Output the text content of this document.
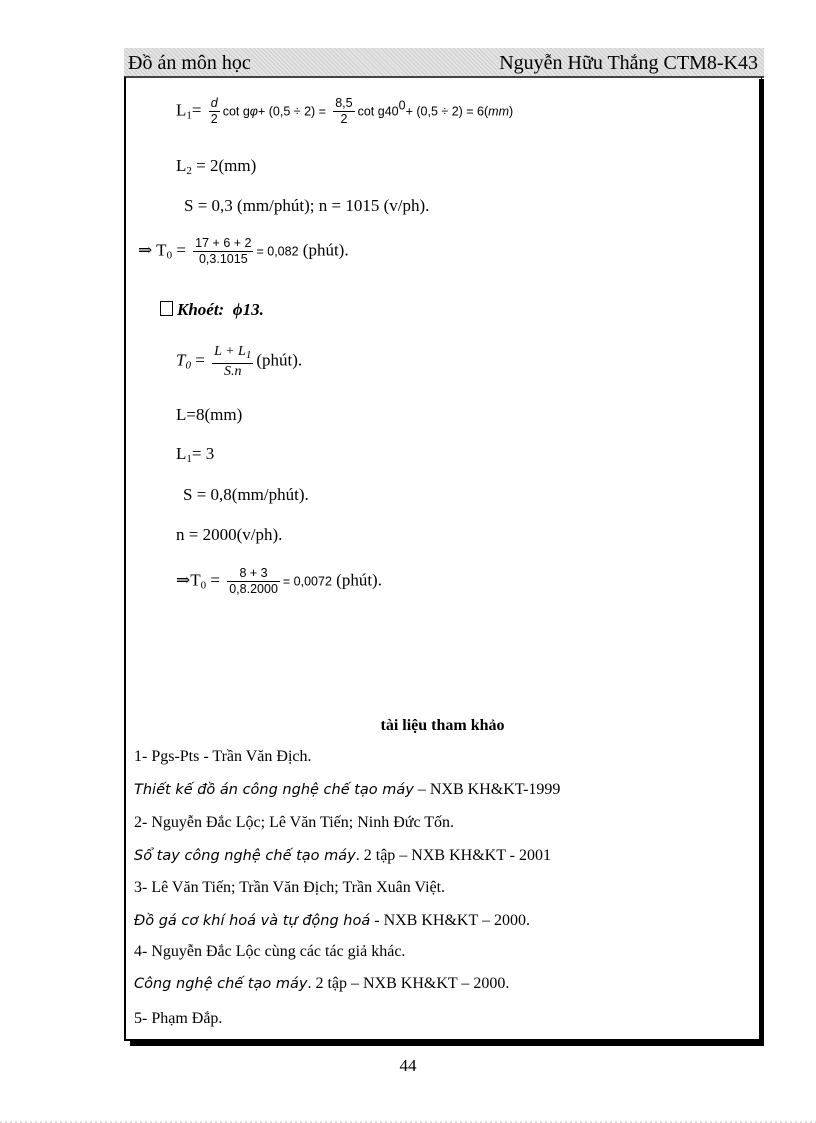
Đồ án môn học	Nguyễn Hữu Thắng CTM8-K43
$L_1= \frac{d}{2}$ $\cot g\varphi+ (0,5 \div 2) = \frac{8,5}{2}$ $\cot g40^0+ (0,5 \div 2) = 6(mm)$
$L_2 = 2(mm)$
S = 0,3 (mm/phút); n = 1015 (v/ph).
⇒ $T_0 = \frac{17 + 6 + 2}{0,3.1015} = 0,082$ (phút).
Khoét: ϕ13.
$T_0 = \frac{L + L_1}{S.n}$ (phút).
L=8(mm)
$L_1= 3$
S = 0,8(mm/phút).
n = 2000(v/ph).
$\Rightarrow T_0 = \frac{8 + 3}{0,8.2000} = 0,0072$ (phút).
tài liệu tham khảo
1- Pgs-Pts - Trần Văn Địch.
Thiết kế đồ án công nghệ chế tạo máy – NXB KH&KT-1999
2- Nguyễn Đắc Lộc; Lê Văn Tiến; Ninh Đức Tốn.
Sổ tay công nghệ chế tạo máy. 2 tập – NXB KH&KT - 2001
3- Lê Văn Tiến; Trần Văn Địch; Trần Xuân Việt.
Đồ gá cơ khí hoá và tự động hoá - NXB KH&KT – 2000.
4- Nguyễn Đắc Lộc cùng các tác giả khác.
Công nghệ chế tạo máy. 2 tập – NXB KH&KT – 2000.
5- Phạm Đắp.
44
